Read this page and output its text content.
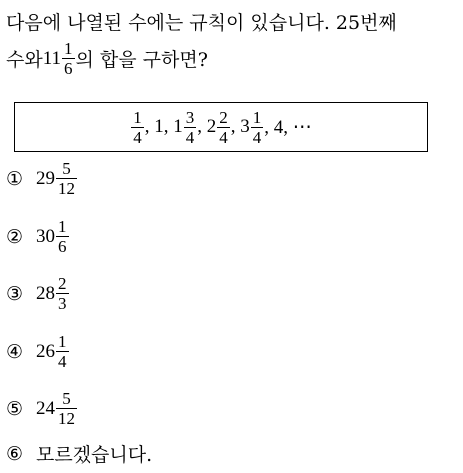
다음에 나열된 수에는 규칙이 있습니다. 25번째
수와 $11 \frac{1}{6}$ 의 합을 구하면?
$\frac{1}{4}$ , 1, $1 \frac{3}{4}$ , $2 \frac{2}{4}$ , $3 \frac{1}{4}$ , 4, ⋯
① $29 \frac{5}{12}$
② $30 \frac{1}{6}$
③ $28 \frac{2}{3}$
④ $26 \frac{1}{4}$
⑤ $24 \frac{5}{12}$
⑥ 모르겠습니다.
